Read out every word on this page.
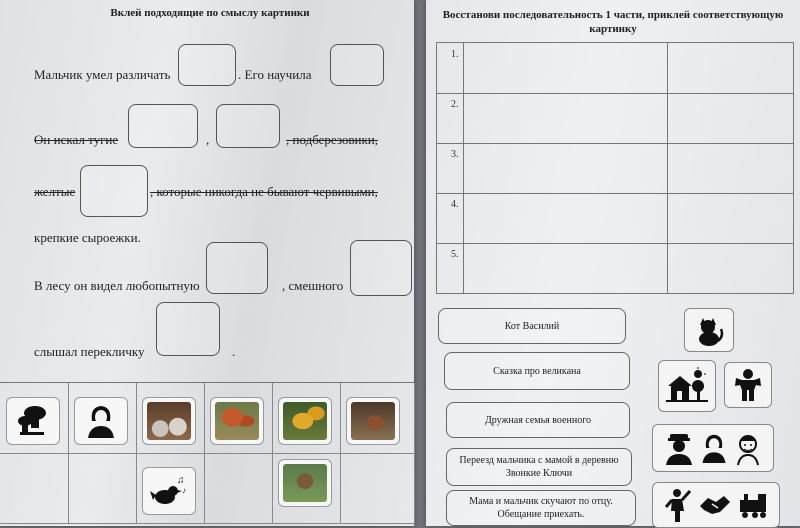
Вклей подходящие по смыслу картинки
Мальчик умел различать	. Его научила
Он искал тугие	,	, подберезовики,
желтые	, которые никогда не бывают червивыми,
крепкие сыроежки.
В лесу он видел любопытную	, смешного
слышал перекличку	.
♫
♪
Восстанови последовательность 1 части, приклей соответствующую картинку
1.
2.
3.
4.
5.
Кот Василий
Сказка про великана
Дружная семья военного
Переезд мальчика с мамой в деревню Звонкие Ключи
Мама и мальчик скучают по отцу.
Обещание приехать.
